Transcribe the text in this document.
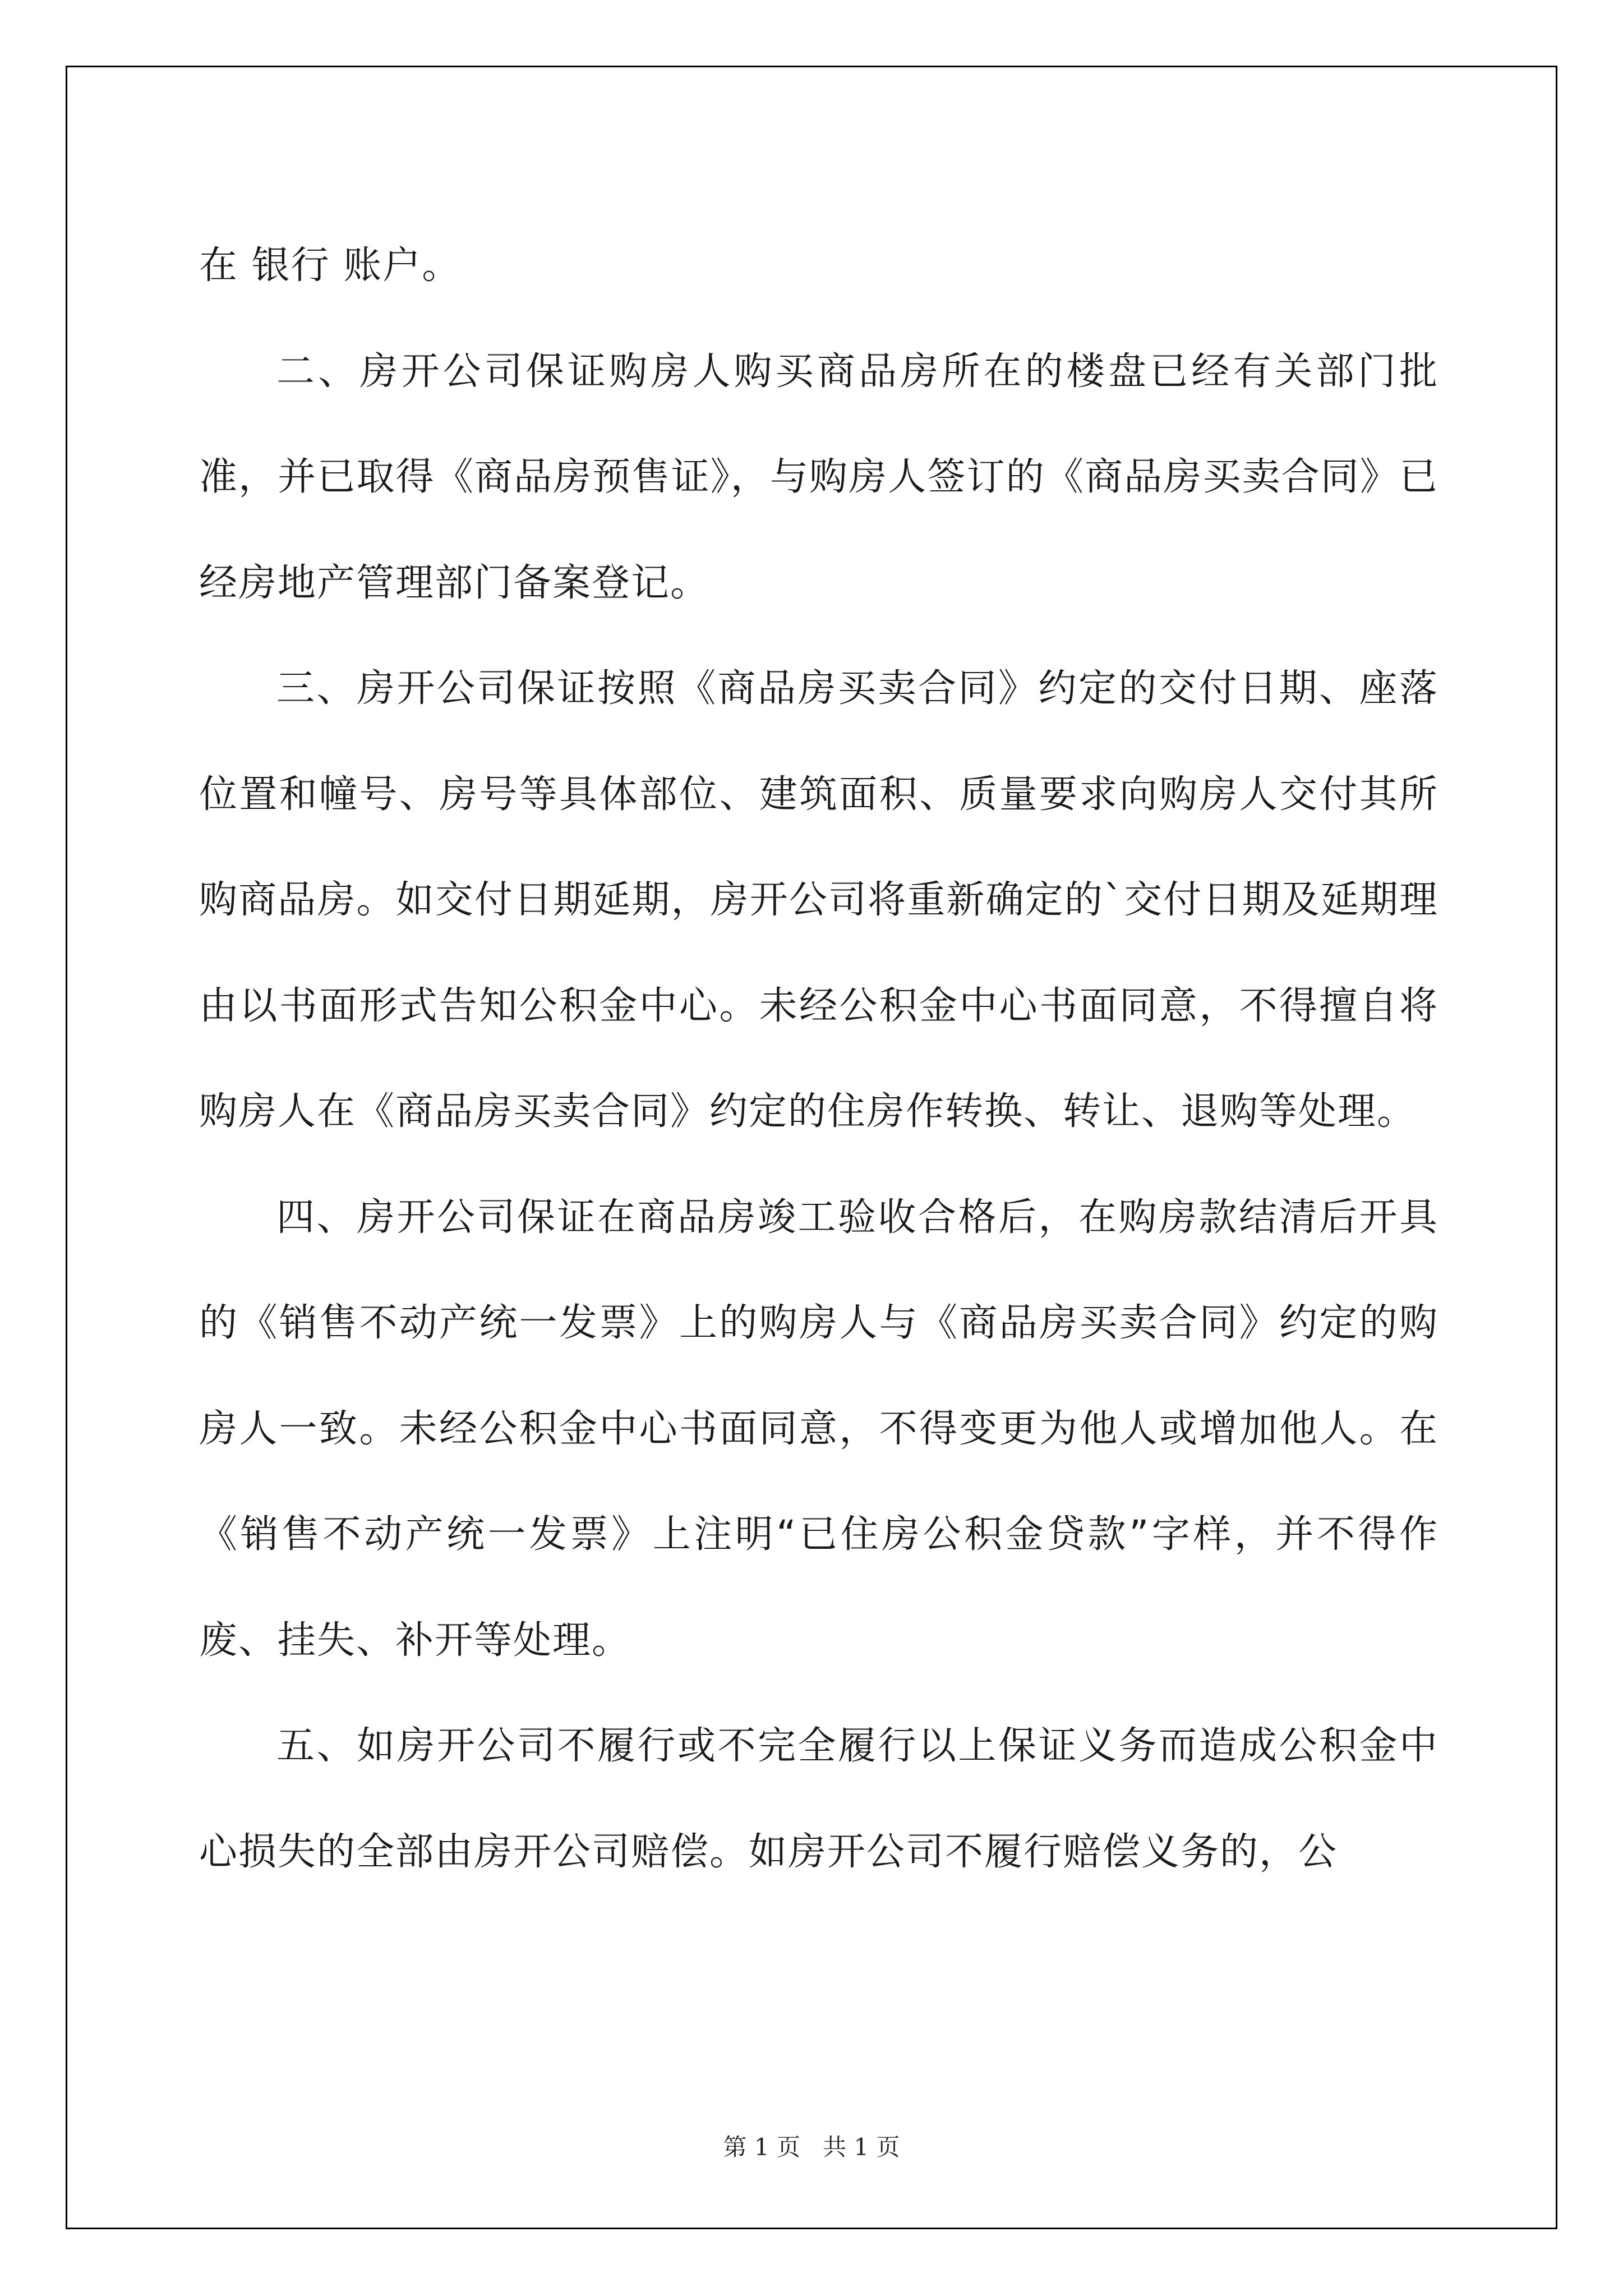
在 银行 账户。

二、房开公司保证购房人购买商品房所在的楼盘已经有关部门批准，并已取得《商品房预售证》，与购房人签订的《商品房买卖合同》已经房地产管理部门备案登记。

三、房开公司保证按照《商品房买卖合同》约定的交付日期、座落位置和幢号、房号等具体部位、建筑面积、质量要求向购房人交付其所购商品房。如交付日期延期，房开公司将重新确定的`交付日期及延期理由以书面形式告知公积金中心。未经公积金中心书面同意，不得擅自将购房人在《商品房买卖合同》约定的住房作转换、转让、退购等处理。

四、房开公司保证在商品房竣工验收合格后，在购房款结清后开具的《销售不动产统一发票》上的购房人与《商品房买卖合同》约定的购房人一致。未经公积金中心书面同意，不得变更为他人或增加他人。在《销售不动产统一发票》上注明“已住房公积金贷款”字样，并不得作废、挂失、补开等处理。

五、如房开公司不履行或不完全履行以上保证义务而造成公积金中心损失的全部由房开公司赔偿。如房开公司不履行赔偿义务的，公

第 1 页   共 1 页
